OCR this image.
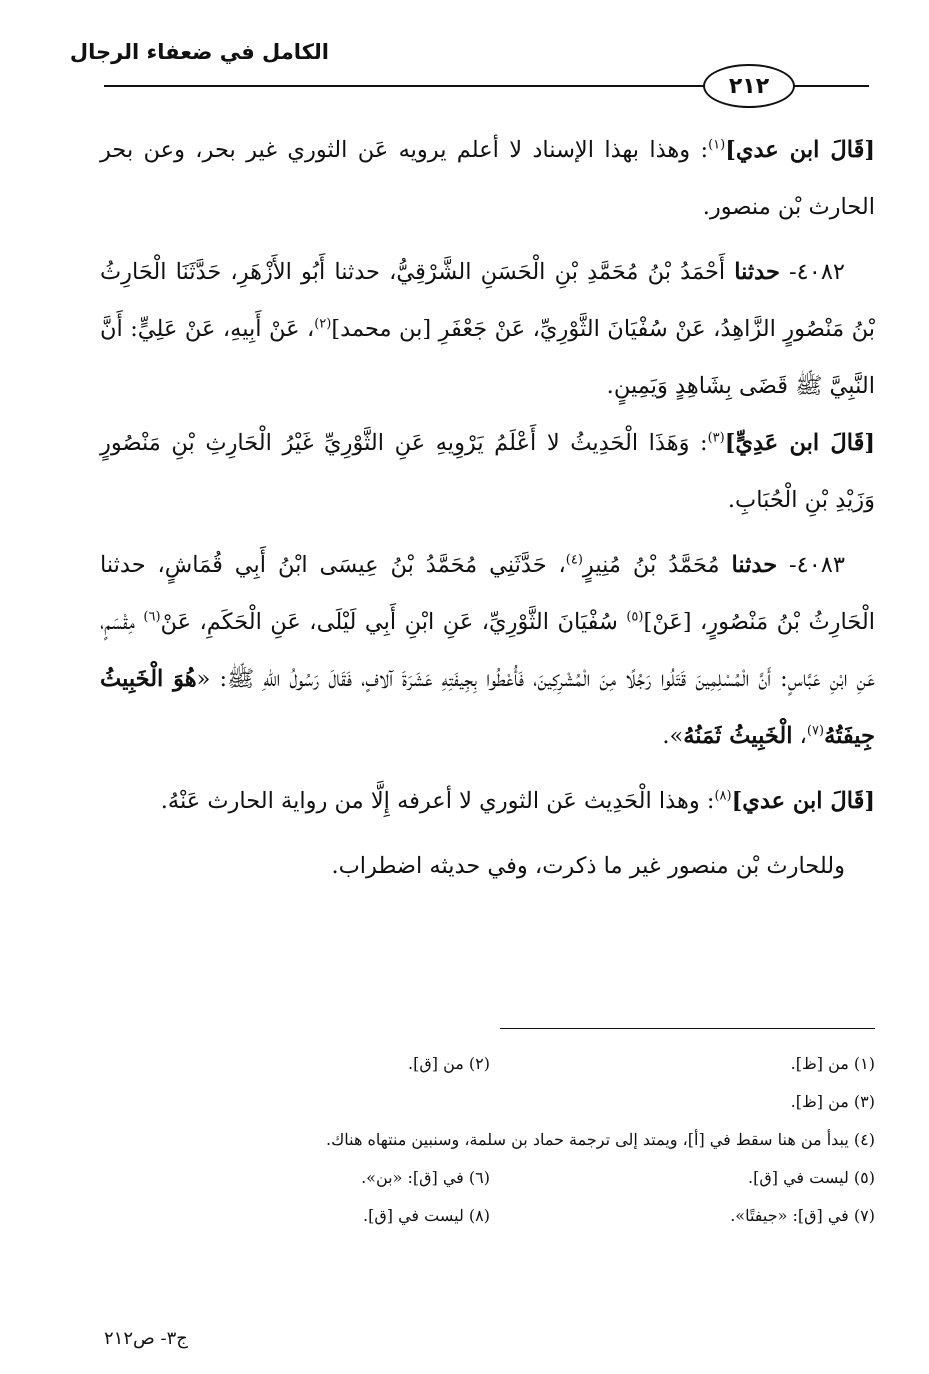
الكامل في ضعفاء الرجال
٢١٢

[قَالَ ابن عدي]$^{(١)}$: وهذا بهذا الإسناد لا أعلم يرويه عَن الثوري غير بحر، وعن بحر الحارث بْن منصور.

٤٠٨٢- حدثنا أَحْمَدُ بْنُ مُحَمَّدِ بْنِ الْحَسَنِ الشَّرْقِيُّ، حدثنا أَبُو الأَزْهَرِ، حَدَّثَنَا الْحَارِثُ بْنُ مَنْصُورٍ الزَّاهِدُ، عَنْ سُفْيَانَ الثَّوْرِيِّ، عَنْ جَعْفَرِ [بن محمد]$^{(٢)}$، عَنْ أَبِيهِ، عَنْ عَلِيٍّ: أَنَّ النَّبِيَّ ﷺ قَضَى بِشَاهِدٍ وَيَمِينٍ.

[قَالَ ابن عَدِيٍّ]$^{(٣)}$: وَهَذَا الْحَدِيثُ لا أَعْلَمُ يَرْوِيهِ عَنِ الثَّوْرِيِّ غَيْرُ الْحَارِثِ بْنِ مَنْصُورٍ وَزَيْدِ بْنِ الْحُبَابِ.

٤٠٨٣- حدثنا مُحَمَّدُ بْنُ مُنِيرٍ$^{(٤)}$، حَدَّثَنِي مُحَمَّدُ بْنُ عِيسَى ابْنُ أَبِي قُمَاشٍ، حدثنا الْحَارِثُ بْنُ مَنْصُورٍ، [عَنْ]$^{(٥)}$ سُفْيَانَ الثَّوْرِيِّ، عَنِ ابْنِ أَبِي لَيْلَى، عَنِ الْحَكَمِ، عَنْ$^{(٦)}$ مِقْسَمٍ، عَنِ ابْنِ عَبَّاسٍ: أَنَّ الْمُسْلِمِينَ قَتَلُوا رَجُلًا مِنَ الْمُشْرِكِينَ، فَأُعْطُوا بِجِيفَتِهِ عَشَرَةَ آلافٍ، فَقَالَ رَسُولُ اللهِ ﷺ: «هُوَ الْخَبِيثُ جِيفَتُهُ$^{(٧)}$، الْخَبِيثُ ثَمَنُهُ».

[قَالَ ابن عدي]$^{(٨)}$: وهذا الْحَدِيث عَن الثوري لا أعرفه إِلَّا من رواية الحارث عَنْهُ.

وللحارث بْن منصور غير ما ذكرت، وفي حديثه اضطراب.

(١) من [ظ].
(٢) من [ق].
(٣) من [ظ].
(٤) يبدأ من هنا سقط في [أ]، ويمتد إلى ترجمة حماد بن سلمة، وسنبين منتهاه هناك.
(٥) ليست في [ق].
(٦) في [ق]: «بن».
(٧) في [ق]: «جيفتًا».
(٨) ليست في [ق].
ج٣- ص٢١٢
